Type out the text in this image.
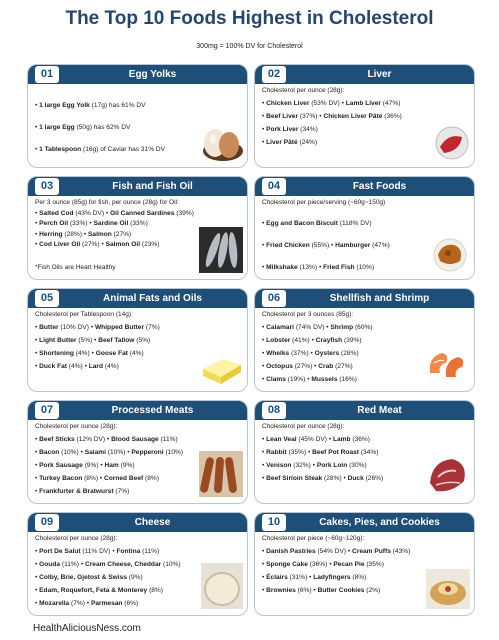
The Top 10 Foods Highest in Cholesterol
300mg = 100% DV for Cholesterol
01	Egg Yolks
• 1 large Egg Yolk (17g) has 61% DV
• 1 large Egg (50g) has 62% DV
• 1 Tablespoon (16g) of Caviar has 31% DV
02	Liver
Cholesterol per ounce (28g):
• Chicken Liver (53% DV) • Lamb Liver (47%)
• Beef Liver (37%) • Chicken Liver Pâté (36%)
• Pork Liver (34%)
• Liver Pâté (24%)
03	Fish and Fish Oil
Per 3 ounce (85g) for fish, per ounce (28g) for Oil:
• Salted Cod (43% DV) • Oil Canned Sardines (39%)
• Perch Oil (33%) • Sardine Oil (33%)
• Herring (28%) • Salmon (27%)
• Cod Liver Oil (27%) • Salmon Oil (23%)
*Fish Oils are Heart Healthy
04	Fast Foods
Cholesterol per piece/serving (~60g~150g)
• Egg and Bacon Biscuit (118% DV)
• Fried Chicken (55%) • Hamburger (47%)
• Milkshake (13%) • Fried Fish (10%)
05	Animal Fats and Oils
Cholesterol per Tablespoon (14g):
• Butter (10% DV) • Whipped Butter (7%)
• Light Butter (5%) • Beef Tallow (5%)
• Shortening (4%) • Goose Fat (4%)
• Duck Fat (4%) • Lard (4%)
06	Shellfish and Shrimp
Cholesterol per 3 ounces (85g):
• Calamari (74% DV) • Shrimp (60%)
• Lobster (41%) • Crayfish (39%)
• Whelks (37%) • Oysters (28%)
• Octopus (27%) • Crab (27%)
• Clams (19%) • Mussels (16%)
07	Processed Meats
Cholesterol per ounce (28g):
• Beef Sticks (12% DV) • Blood Sausage (11%)
• Bacon (10%) • Salami (10%) • Pepperoni (10%)
• Pork Sausage (9%) • Ham (9%)
• Turkey Bacon (8%) • Corned Beef (8%)
• Frankfurter & Bratwurst (7%)
08	Red Meat
Cholesterol per ounce (28g):
• Lean Veal (45% DV) • Lamb (36%)
• Rabbit (35%) • Beef Pot Roast (34%)
• Venison (32%) • Pork Loin (30%)
• Beef Sirloin Steak (28%) • Duck (26%)
09	Cheese
Cholesterol per ounce (28g):
• Port De Salut (11% DV) • Fontina (11%)
• Gouda (11%) • Cream Cheese, Cheddar (10%)
• Colby, Brie, Gjetost & Swiss (9%)
• Edam, Roquefort, Feta & Monterey (8%)
• Mozarella (7%) • Parmesan (6%)
10	Cakes, Pies, and Cookies
Cholesterol per piece (~60g~120g):
• Danish Pastries (54% DV) • Cream Puffs (43%)
• Sponge Cake (36%) • Pecan Pie (35%)
• Éclairs (31%) • Ladyfingers (8%)
• Brownies (6%) • Butter Cookies (2%)
HealthAliciousNess.com
